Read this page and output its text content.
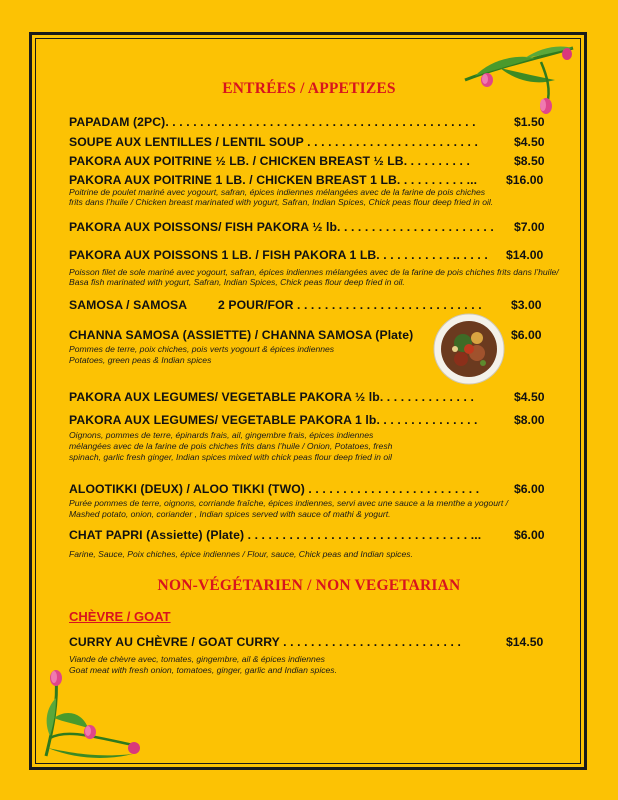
ENTRÉES / APPETIZES
PAPADAM (2PC). . . . . . . . . . . . . . . . . . . . . . . . . . . . . . . . . . . . . . . . . . . . .	$1.50
SOUPE AUX LENTILLES / LENTIL SOUP . . . . . . . . . . . . . . . . . . . . . . . . .	$4.50
PAKORA AUX POITRINE ½ LB. / CHICKEN BREAST ½ LB. . . . . . . . . .	$8.50
PAKORA AUX POITRINE 1 LB. / CHICKEN BREAST 1 LB. . . . . . . . . . ... $16.00
Poitrine de poulet mariné avec yogourt, safran, épices indiennes mélangées avec de la farine de pois chiches
frits dans l’huile / Chicken breast marinated with yogurt, Safran, Indian Spices, Chick peas flour deep fried in oil.
PAKORA AUX POISSONS/ FISH PAKORA ½ lb. . . . . . . . . . . . . . . . . . . . . . . $7.00
PAKORA AUX POISSONS 1 LB. / FISH PAKORA 1 LB. . . . . . . . . . . .. . . . . $14.00
Poisson filet de sole mariné avec yogourt, safran, épices indiennes mélangées avec de la farine de pois chiches frits dans l’huile/
Basa fish marinated with yogurt, Safran, Indian Spices, Chick peas flour deep fried in oil.
SAMOSA / SAMOSA	2 POUR/FOR . . . . . . . . . . . . . . . . . . . . . . . . . . . $3.00
CHANNA SAMOSA (ASSIETTE) / CHANNA SAMOSA (Plate)	$6.00
Pommes de terre, poix chiches, pois verts yogourt & épices indiennes
Potatoes, green peas & Indian spices
PAKORA AUX LEGUMES/ VEGETABLE PAKORA ½ lb. . . . . . . . . . . . . .	$4.50
PAKORA AUX LEGUMES/ VEGETABLE PAKORA 1 lb. . . . . . . . . . . . . . .	$8.00
Oignons, pommes de terre, épinards frais, ail, gingembre frais, épices indiennes
mélangées avec de la farine de pois chiches frits dans l’huile / Onion, Potatoes, fresh
spinach, garlic fresh ginger, Indian spices mixed with chick peas flour deep fried in oil
ALOOTIKKI (DEUX) / ALOO TIKKI (TWO) . . . . . . . . . . . . . . . . . . . . . . . . .	$6.00
Purée pommes de terre, oignons, corriande fraîche, épices indiennes, servi avec une sauce a la menthe a yogourt /
Mashed potato, onion, coriander , Indian spices served with sauce of mathi & yogurt.
CHAT PAPRI (Assiette) (Plate) . . . . . . . . . . . . . . . . . . . . . . . . . . . . . . . . ...	$6.00
Farine, Sauce, Poix chiches, épice indiennes / Flour, sauce, Chick peas and Indian spices.
NON-VÉGÉTARIEN / NON VEGETARIAN
CHÈVRE / GOAT
CURRY AU CHÈVRE / GOAT CURRY . . . . . . . . . . . . . . . . . . . . . . . . . .	$14.50
Viande de chèvre avec, tomates, gingembre, ail & épices indiennes
Goat meat with fresh onion, tomatoes, ginger, garlic and Indian spices.
